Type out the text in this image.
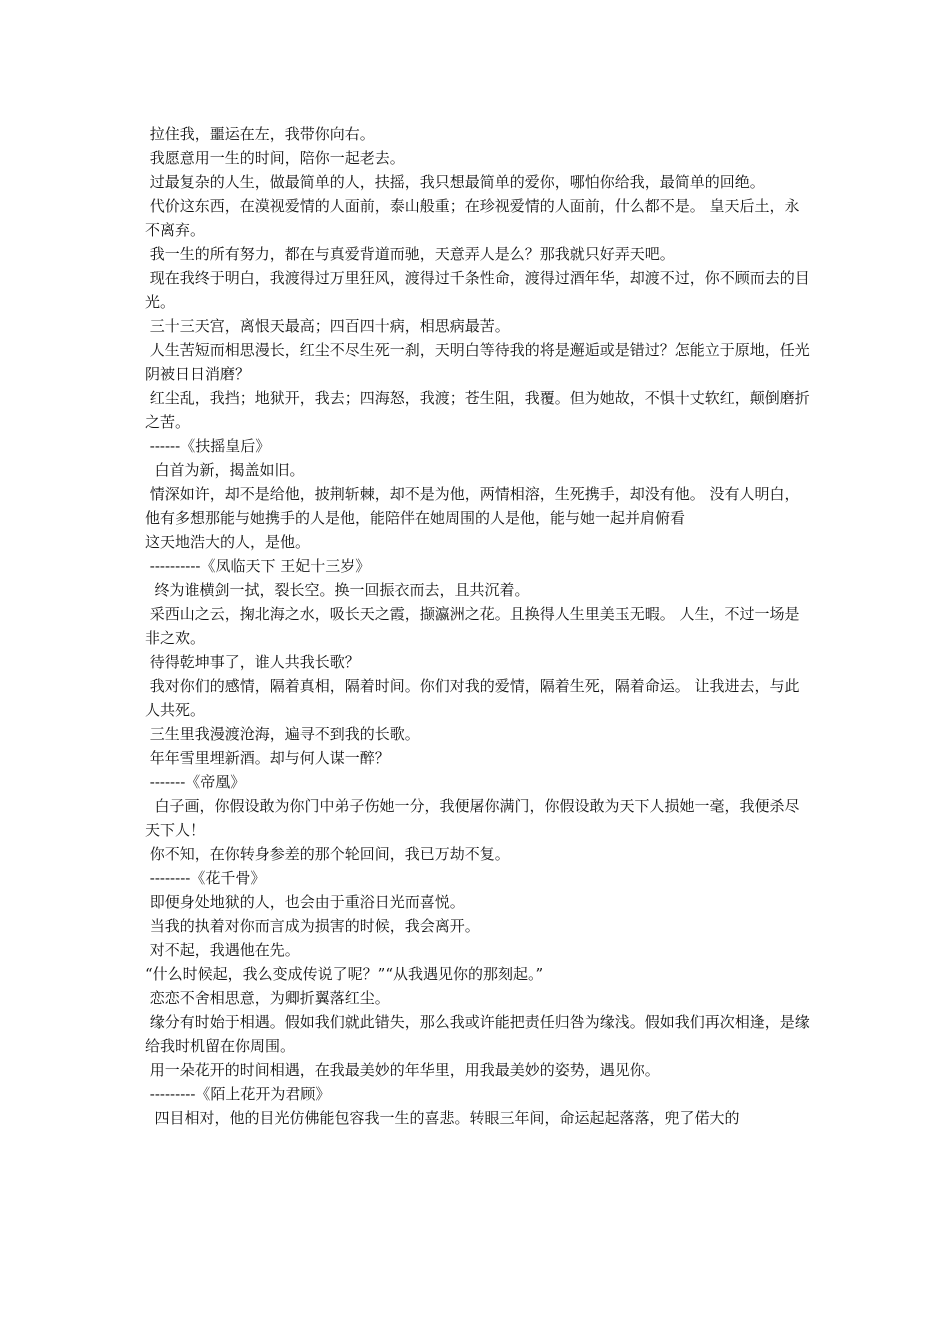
拉住我，噩运在左，我带你向右。

我愿意用一生的时间，陪你一起老去。

过最复杂的人生，做最简单的人，扶摇，我只想最简单的爱你，哪怕你给我，最简单的回绝。

代价这东西，在漠视爱情的人面前，泰山般重；在珍视爱情的人面前，什么都不是。 皇天后土，永不离弃。

我一生的所有努力，都在与真爱背道而驰，天意弄人是么？那我就只好弄天吧。

现在我终于明白，我渡得过万里狂风，渡得过千条性命，渡得过酒年华，却渡不过，你不顾而去的目光。

三十三天宫，离恨天最高；四百四十病，相思病最苦。

人生苦短而相思漫长，红尘不尽生死一刹，天明白等待我的将是邂逅或是错过？怎能立于原地，任光阴被日日消磨？

红尘乱，我挡；地狱开，我去；四海怒，我渡；苍生阻，我覆。但为她故，不惧十丈软红，颠倒磨折之苦。

------《扶摇皇后》

白首为新，揭盖如旧。

情深如许，却不是给他，披荆斩棘，却不是为他，两情相溶，生死携手，却没有他。 没有人明白，他有多想那能与她携手的人是他，能陪伴在她周围的人是他，能与她一起并肩俯看

这天地浩大的人，是他。

----------《凤临天下 王妃十三岁》

终为谁横剑一拭，裂长空。换一回振衣而去，且共沉着。

采西山之云，掬北海之水，吸长天之霞，撷瀛洲之花。且换得人生里美玉无暇。 人生，不过一场是非之欢。

待得乾坤事了，谁人共我长歌？

我对你们的感情，隔着真相，隔着时间。你们对我的爱情，隔着生死，隔着命运。 让我进去，与此人共死。

三生里我漫渡沧海，遍寻不到我的长歌。

年年雪里埋新酒。却与何人谋一醉？

-------《帝凰》

白子画，你假设敢为你门中弟子伤她一分，我便屠你满门，你假设敢为天下人损她一毫，我便杀尽天下人！

你不知，在你转身参差的那个轮回间，我已万劫不复。

--------《花千骨》

即便身处地狱的人，也会由于重浴日光而喜悦。

当我的执着对你而言成为损害的时候，我会离开。

对不起，我遇他在先。

“什么时候起，我么变成传说了呢？”“从我遇见你的那刻起。”

恋恋不舍相思意，为卿折翼落红尘。

缘分有时始于相遇。假如我们就此错失，那么我或许能把责任归咎为缘浅。假如我们再次相逢，是缘给我时机留在你周围。

用一朵花开的时间相遇，在我最美妙的年华里，用我最美妙的姿势，遇见你。

---------《陌上花开为君顾》

四目相对，他的目光仿佛能包容我一生的喜悲。转眼三年间，命运起起落落，兜了偌大的
